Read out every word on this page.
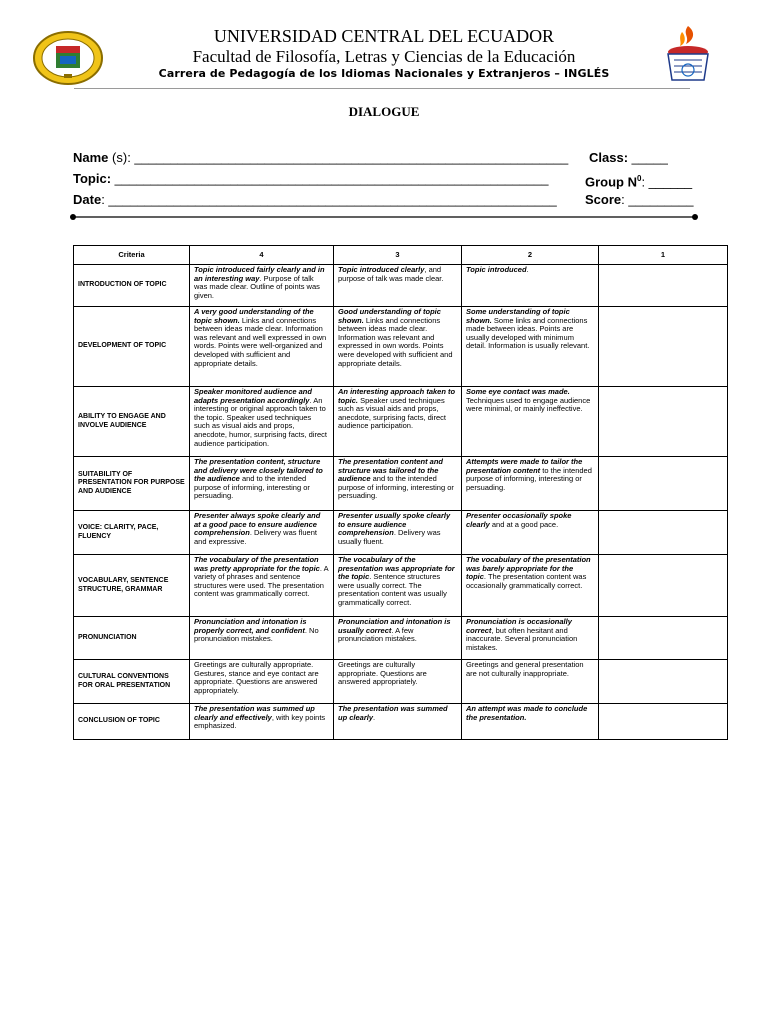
UNIVERSIDAD CENTRAL DEL ECUADOR
Facultad de Filosofía, Letras y Ciencias de la Educación
Carrera de Pedagogía de los Idiomas Nacionales y Extranjeros – INGLÉS
DIALOGUE
Name (s): ____________________________________________________________ Class: _____
Topic: ____________________________________________________________	Group $N^0$: ______
Date: ______________________________________________________________ Score: _________
Criteria	4	3	2	1
INTRODUCTION OF TOPIC	Topic introduced fairly clearly and in an interesting way. Purpose of talk was made clear. Outline of points was given.	Topic introduced clearly, and purpose of talk was made clear.	Topic introduced.	
DEVELOPMENT OF TOPIC	A very good understanding of the topic shown. Links and connections between ideas made clear. Information was relevant and well expressed in own words. Points were well-organized and developed with sufficient and appropriate details.	Good understanding of topic shown. Links and connections between ideas made clear. Information was relevant and expressed in own words. Points were developed with sufficient and appropriate details.	Some understanding of topic shown. Some links and connections made between ideas. Points are usually developed with minimum detail. Information is usually relevant.	
ABILITY TO ENGAGE AND INVOLVE AUDIENCE	Speaker monitored audience and adapts presentation accordingly. An interesting or original approach taken to the topic. Speaker used techniques such as visual aids and props, anecdote, humor, surprising facts, direct audience participation.	An interesting approach taken to topic. Speaker used techniques such as visual aids and props, anecdote, surprising facts, direct audience participation.	Some eye contact was made. Techniques used to engage audience were minimal, or mainly ineffective.	
SUITABILITY OF PRESENTATION FOR PURPOSE AND AUDIENCE	The presentation content, structure and delivery were closely tailored to the audience and to the intended purpose of informing, interesting or persuading.	The presentation content and structure was tailored to the audience and to the intended purpose of informing, interesting or persuading.	Attempts were made to tailor the presentation content to the intended purpose of informing, interesting or persuading.	
VOICE: CLARITY, PACE, FLUENCY	Presenter always spoke clearly and at a good pace to ensure audience comprehension. Delivery was fluent and expressive.	Presenter usually spoke clearly to ensure audience comprehension. Delivery was usually fluent.	Presenter occasionally spoke clearly and at a good pace.	
VOCABULARY, SENTENCE STRUCTURE, GRAMMAR	The vocabulary of the presentation was pretty appropriate for the topic. A variety of phrases and sentence structures were used. The presentation content was grammatically correct.	The vocabulary of the presentation was appropriate for the topic. Sentence structures were usually correct. The presentation content was usually grammatically correct.	The vocabulary of the presentation was barely appropriate for the topic. The presentation content was occasionally grammatically correct.	
PRONUNCIATION	Pronunciation and intonation is properly correct, and confident. No pronunciation mistakes.	Pronunciation and intonation is usually correct. A few pronunciation mistakes.	Pronunciation is occasionally correct, but often hesitant and inaccurate. Several pronunciation mistakes.	
CULTURAL CONVENTIONS FOR ORAL PRESENTATION	Greetings are culturally appropriate. Gestures, stance and eye contact are appropriate. Questions are answered appropriately.	Greetings are culturally appropriate. Questions are answered appropriately.	Greetings and general presentation are not culturally inappropriate.	
CONCLUSION OF TOPIC	The presentation was summed up clearly and effectively, with key points emphasized.	The presentation was summed up clearly.	An attempt was made to conclude the presentation.	
